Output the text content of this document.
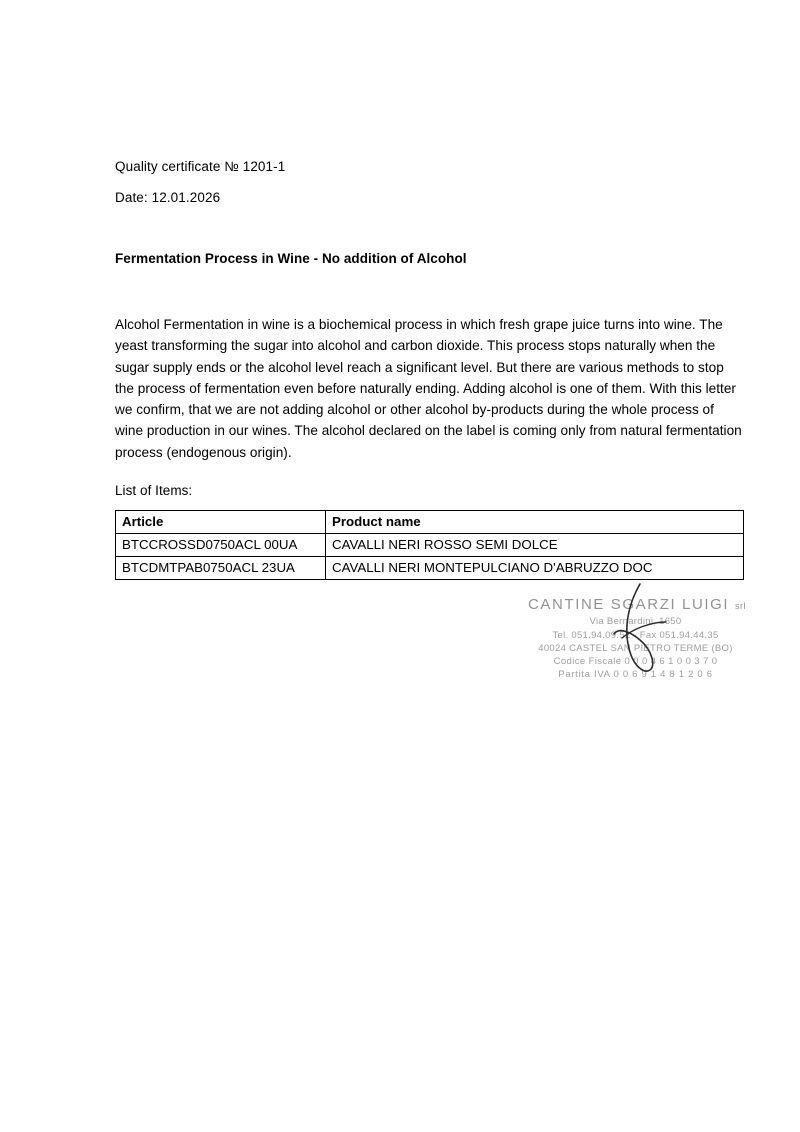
Quality certificate № 1201-1
Date: 12.01.2026
Fermentation Process in Wine - No addition of Alcohol
Alcohol Fermentation in wine is a biochemical process in which fresh grape juice turns into wine. The yeast transforming the sugar into alcohol and carbon dioxide. This process stops naturally when the sugar supply ends or the alcohol level reach a significant level. But there are various methods to stop the process of fermentation even before naturally ending. Adding alcohol is one of them. With this letter we confirm, that we are not adding alcohol or other alcohol by-products during the whole process of wine production in our wines. The alcohol declared on the label is coming only from natural fermentation process (endogenous origin).
List of Items:
Article	Product name
BTCCROSSD0750ACL 00UA	CAVALLI NERI ROSSO SEMI DOLCE
BTCDMTPAB0750ACL 23UA	CAVALLI NERI MONTEPULCIANO D'ABRUZZO DOC
CANTINE SGARZI LUIGI srl
Via Bernardini, 1650
Tel. 051.94.09.52 - Fax 051.94.44.35
40024 CASTEL SAN PIETRO TERME (BO)
Codice Fiscale 0 0 0 4 6 1 0 0 3 7 0
Partita IVA 0 0 6 9 1 4 8 1 2 0 6
